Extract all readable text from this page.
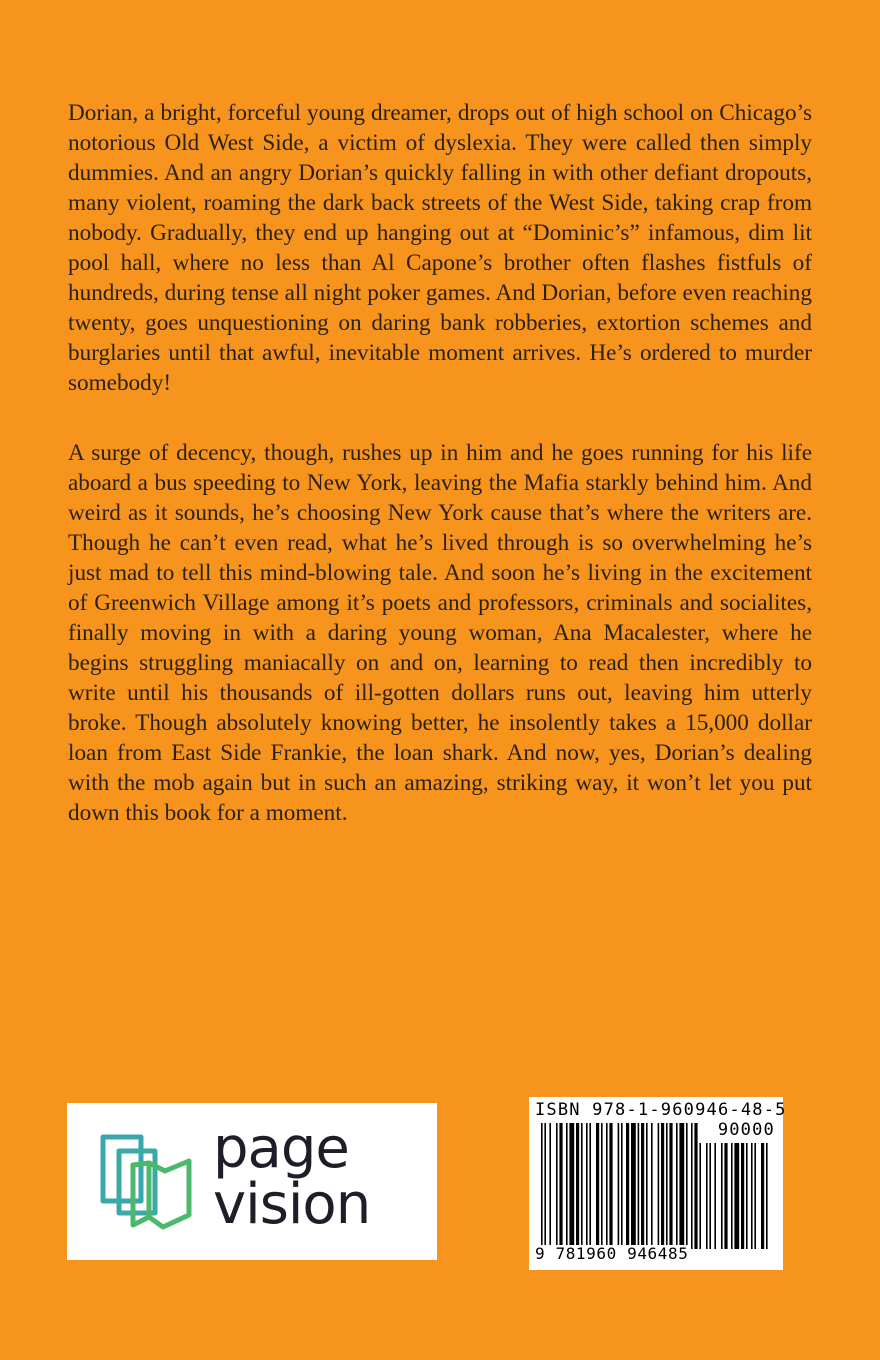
Dorian, a bright, forceful young dreamer, drops out of high school on Chicago’s notorious Old West Side, a victim of dyslexia. They were called then simply dummies. And an angry Dorian’s quickly falling in with other defiant dropouts, many violent, roaming the dark back streets of the West Side, taking crap from nobody. Gradually, they end up hanging out at “Dominic’s” infamous, dim lit pool hall, where no less than Al Capone’s brother often flashes fistfuls of hundreds, during tense all night poker games. And Dorian, before even reaching twenty, goes unquestioning on daring bank robberies, extortion schemes and burglaries until that awful, inevitable moment arrives. He’s ordered to murder somebody!

A surge of decency, though, rushes up in him and he goes running for his life aboard a bus speeding to New York, leaving the Mafia starkly behind him. And weird as it sounds, he’s choosing New York cause that’s where the writers are. Though he can’t even read, what he’s lived through is so overwhelming he’s just mad to tell this mind-blowing tale. And soon he’s living in the excitement of Greenwich Village among it’s poets and professors, criminals and socialites, finally moving in with a daring young woman, Ana Macalester, where he begins struggling maniacally on and on, learning to read then incredibly to write until his thousands of ill-gotten dollars runs out, leaving him utterly broke. Though absolutely knowing better, he insolently takes a 15,000 dollar loan from East Side Frankie, the loan shark. And now, yes, Dorian’s dealing with the mob again but in such an amazing, striking way, it won’t let you put down this book for a moment.

page
vision
ISBN 978-1-960946-48-5
90000
9 781960 946485
